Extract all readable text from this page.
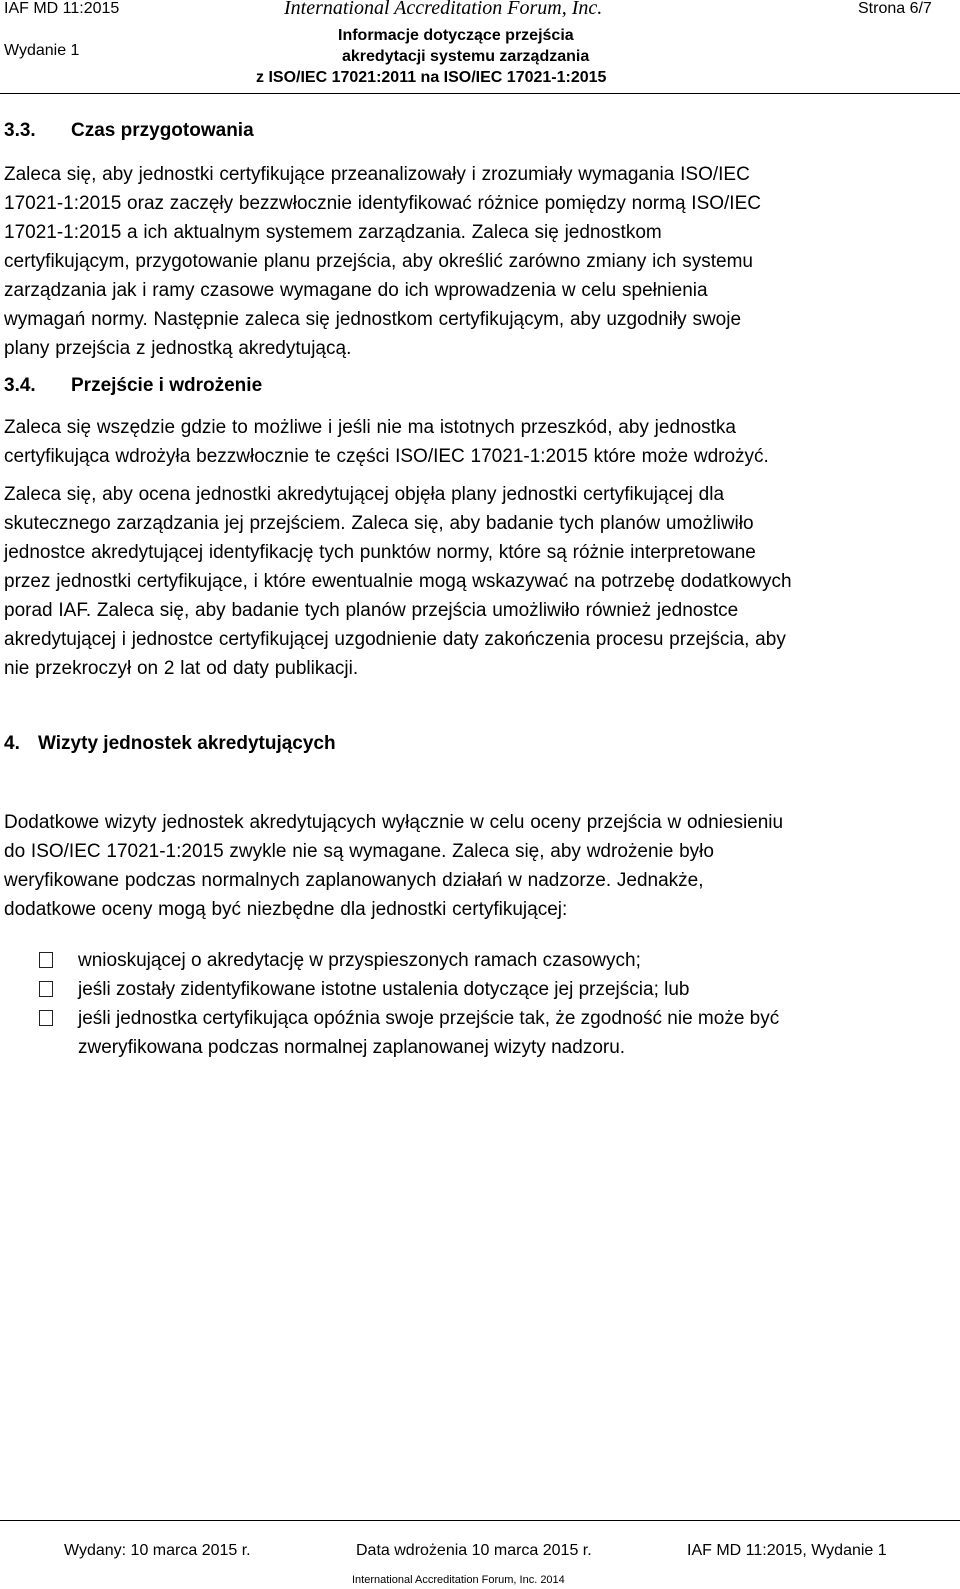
IAF MD 11:2015	International Accreditation Forum, Inc.	Strona 6/7
Wydanie 1
Informacje dotyczące przejścia
akredytacji systemu zarządzania
z ISO/IEC 17021:2011 na ISO/IEC 17021-1:2015
3.3. Czas przygotowania
Zaleca się, aby jednostki certyfikujące przeanalizowały i zrozumiały wymagania ISO/IEC
17021-1:2015 oraz zaczęły bezzwłocznie identyfikować różnice pomiędzy normą ISO/IEC
17021-1:2015 a ich aktualnym systemem zarządzania. Zaleca się jednostkom
certyfikującym, przygotowanie planu przejścia, aby określić zarówno zmiany ich systemu
zarządzania jak i ramy czasowe wymagane do ich wprowadzenia w celu spełnienia
wymagań normy. Następnie zaleca się jednostkom certyfikującym, aby uzgodniły swoje
plany przejścia z jednostką akredytującą.
3.4. Przejście i wdrożenie
Zaleca się wszędzie gdzie to możliwe i jeśli nie ma istotnych przeszkód, aby jednostka
certyfikująca wdrożyła bezzwłocznie te części ISO/IEC 17021-1:2015 które może wdrożyć.
Zaleca się, aby ocena jednostki akredytującej objęła plany jednostki certyfikującej dla
skutecznego zarządzania jej przejściem. Zaleca się, aby badanie tych planów umożliwiło
jednostce akredytującej identyfikację tych punktów normy, które są różnie interpretowane
przez jednostki certyfikujące, i które ewentualnie mogą wskazywać na potrzebę dodatkowych
porad IAF. Zaleca się, aby badanie tych planów przejścia umożliwiło również jednostce
akredytującej i jednostce certyfikującej uzgodnienie daty zakończenia procesu przejścia, aby
nie przekroczył on 2 lat od daty publikacji.
4. Wizyty jednostek akredytujących
Dodatkowe wizyty jednostek akredytujących wyłącznie w celu oceny przejścia w odniesieniu
do ISO/IEC 17021-1:2015 zwykle nie są wymagane. Zaleca się, aby wdrożenie było
weryfikowane podczas normalnych zaplanowanych działań w nadzorze. Jednakże,
dodatkowe oceny mogą być niezbędne dla jednostki certyfikującej:
wnioskującej o akredytację w przyspieszonych ramach czasowych;
jeśli zostały zidentyfikowane istotne ustalenia dotyczące jej przejścia; lub
jeśli jednostka certyfikująca opóźnia swoje przejście tak, że zgodność nie może być
zweryfikowana podczas normalnej zaplanowanej wizyty nadzoru.
Wydany: 10 marca 2015 r.	Data wdrożenia 10 marca 2015 r.	IAF MD 11:2015, Wydanie 1
International Accreditation Forum, Inc. 2014
